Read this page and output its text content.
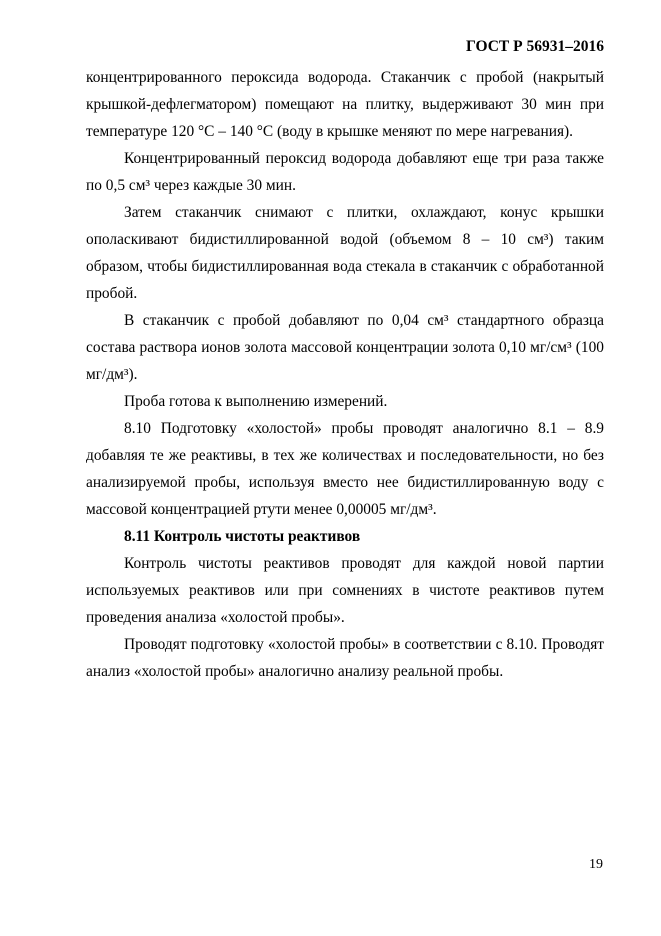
ГОСТ Р 56931–2016

концентрированного пероксида водорода. Стаканчик с пробой (накрытый крышкой-дефлегматором) помещают на плитку, выдерживают 30 мин при температуре 120 °С – 140 °С (воду в крышке меняют по мере нагревания).

Концентрированный пероксид водорода добавляют еще три раза также по 0,5 см³ через каждые 30 мин.

Затем стаканчик снимают с плитки, охлаждают, конус крышки ополаскивают бидистиллированной водой (объемом 8 – 10 см³) таким образом, чтобы бидистиллированная вода стекала в стаканчик с обработанной пробой.

В стаканчик с пробой добавляют по 0,04 см³ стандартного образца состава раствора ионов золота массовой концентрации золота 0,10 мг/см³ (100 мг/дм³).

Проба готова к выполнению измерений.

8.10 Подготовку «холостой» пробы проводят аналогично 8.1 – 8.9 добавляя те же реактивы, в тех же количествах и последовательности, но без анализируемой пробы, используя вместо нее бидистиллированную воду с массовой концентрацией ртути менее 0,00005 мг/дм³.

8.11 Контроль чистоты реактивов

Контроль чистоты реактивов проводят для каждой новой партии используемых реактивов или при сомнениях в чистоте реактивов путем проведения анализа «холостой пробы».

Проводят подготовку «холостой пробы» в соответствии с 8.10. Проводят анализ «холостой пробы» аналогично анализу реальной пробы.

19
